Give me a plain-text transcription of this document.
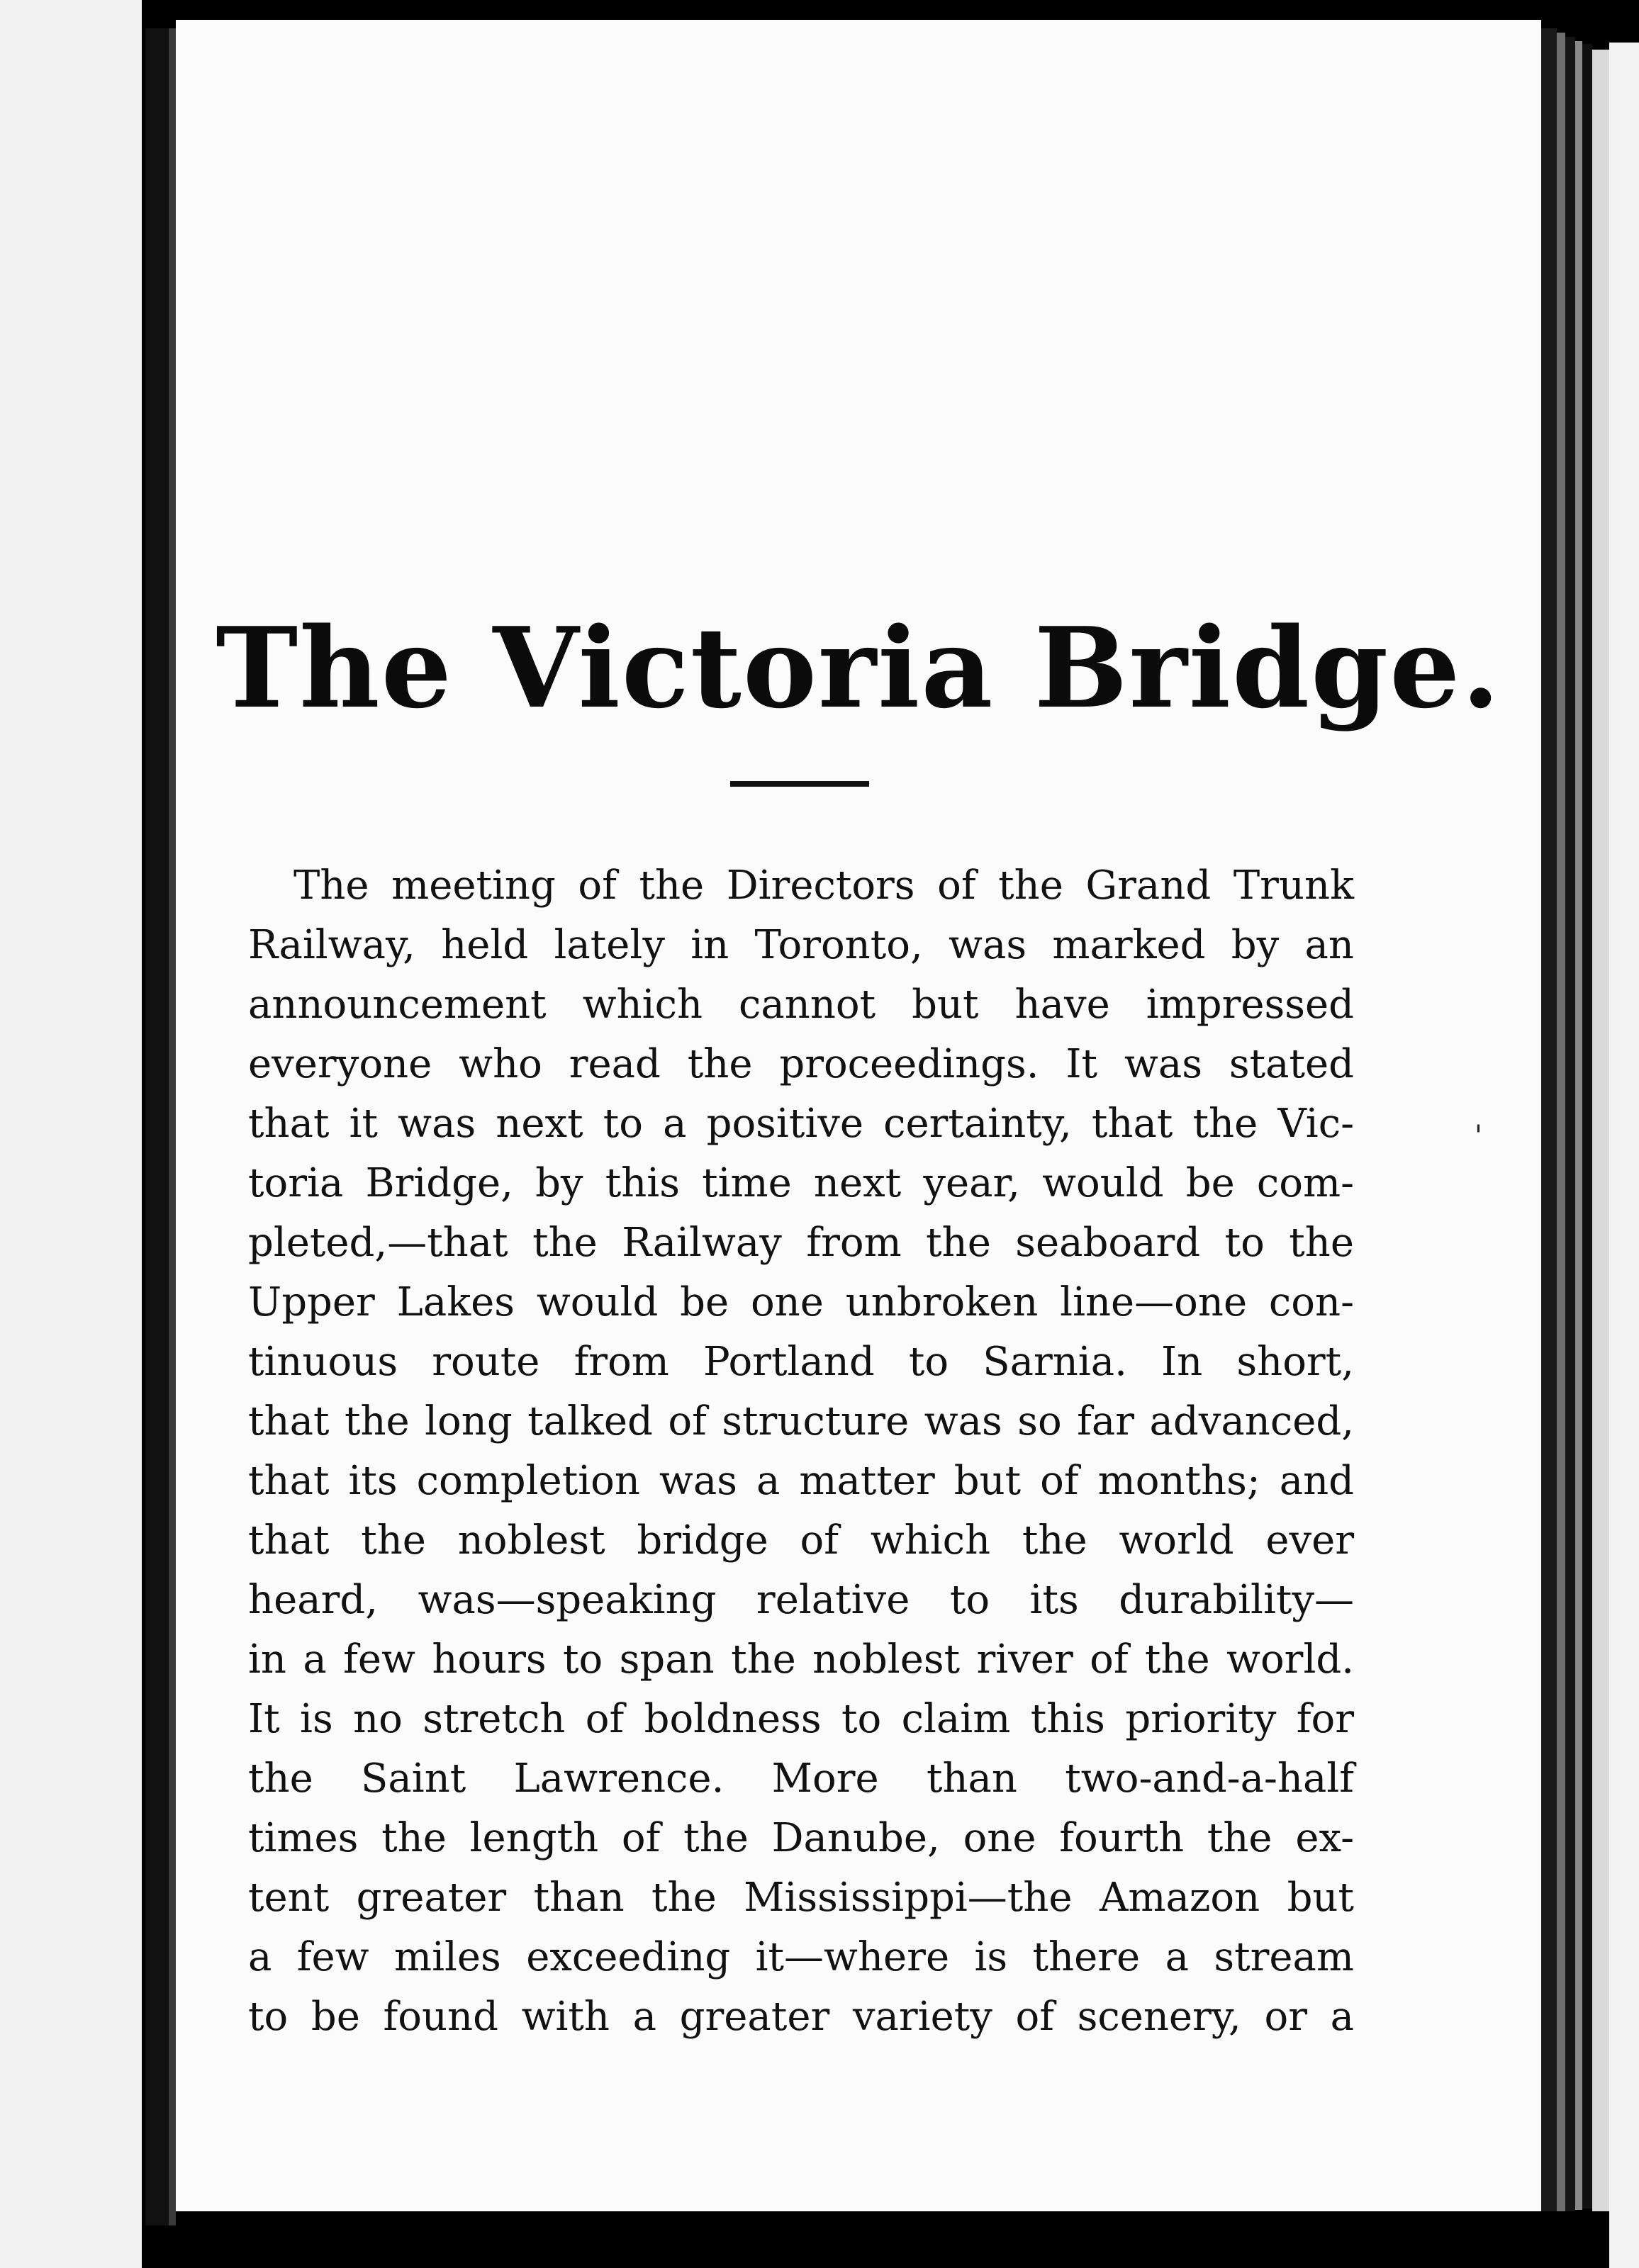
The Victoria Bridge.
The meeting of the Directors of the Grand Trunk
Railway, held lately in Toronto, was marked by an
announcement which cannot but have impressed
everyone who read the proceedings. It was stated
that it was next to a positive certainty, that the Vic-
toria Bridge, by this time next year, would be com-
pleted,—that the Railway from the seaboard to the
Upper Lakes would be one unbroken line—one con-
tinuous route from Portland to Sarnia. In short,
that the long talked of structure was so far advanced,
that its completion was a matter but of months; and
that the noblest bridge of which the world ever
heard, was—speaking relative to its durability—
in a few hours to span the noblest river of the world.
It is no stretch of boldness to claim this priority for
the Saint Lawrence. More than two-and-a-half
times the length of the Danube, one fourth the ex-
tent greater than the Mississippi—the Amazon but
a few miles exceeding it—where is there a stream
to be found with a greater variety of scenery, or a
'
